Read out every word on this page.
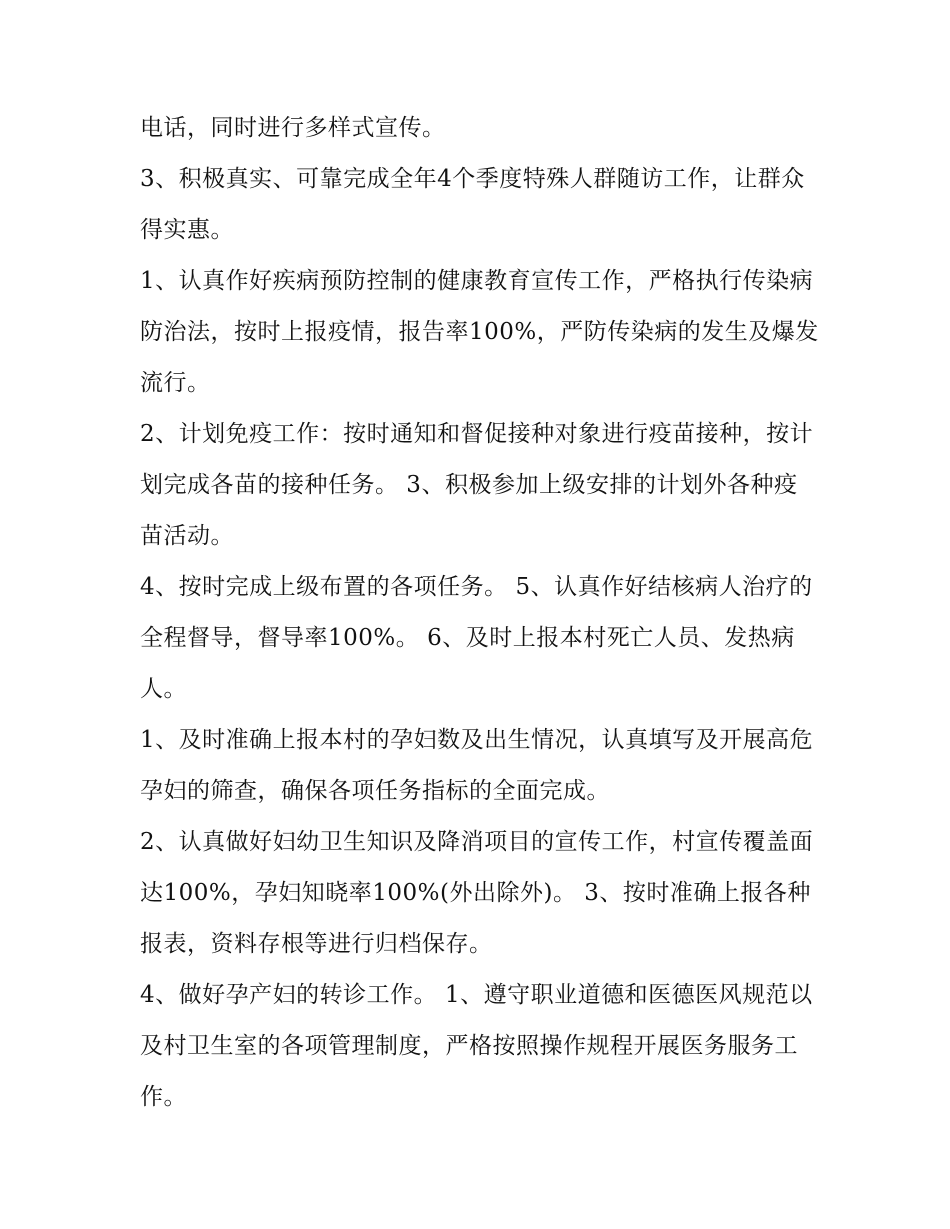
电话，同时进行多样式宣传。

3、积极真实、可靠完成全年4个季度特殊人群随访工作，让群众得实惠。

1、认真作好疾病预防控制的健康教育宣传工作，严格执行传染病防治法，按时上报疫情，报告率100%，严防传染病的发生及爆发流行。

2、计划免疫工作：按时通知和督促接种对象进行疫苗接种，按计划完成各苗的接种任务。 3、积极参加上级安排的计划外各种疫苗活动。

4、按时完成上级布置的各项任务。 5、认真作好结核病人治疗的全程督导，督导率100%。 6、及时上报本村死亡人员、发热病人。

1、及时准确上报本村的孕妇数及出生情况，认真填写及开展高危孕妇的筛查，确保各项任务指标的全面完成。

2、认真做好妇幼卫生知识及降消项目的宣传工作，村宣传覆盖面达100%，孕妇知晓率100%(外出除外)。 3、按时准确上报各种报表，资料存根等进行归档保存。

4、做好孕产妇的转诊工作。 1、遵守职业道德和医德医风规范以及村卫生室的各项管理制度，严格按照操作规程开展医务服务工作。
